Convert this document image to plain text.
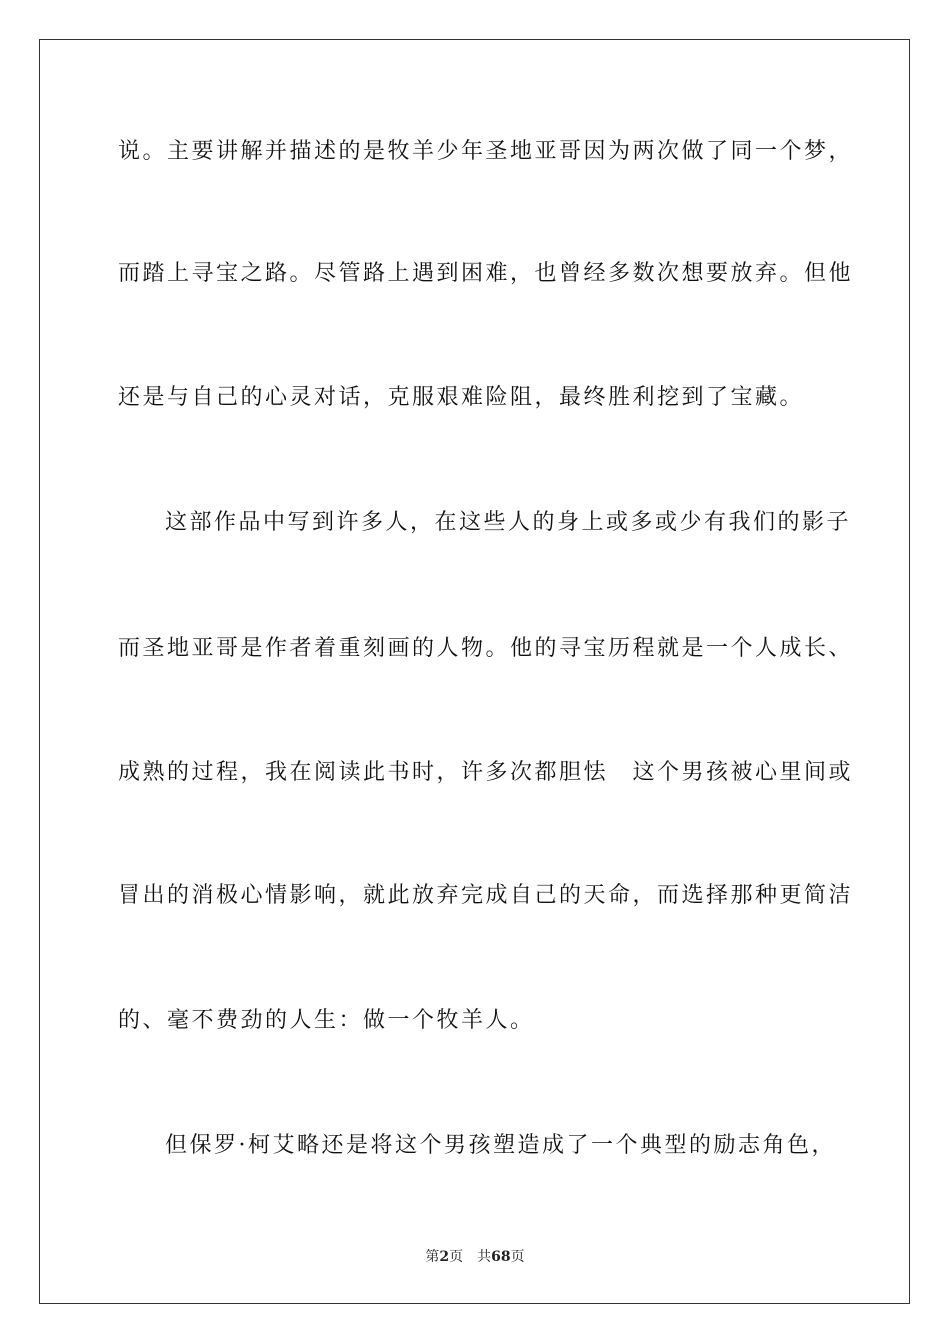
说。主要讲解并描述的是牧羊少年圣地亚哥因为两次做了同一个梦，
而踏上寻宝之路。尽管路上遇到困难，也曾经多数次想要放弃。但他
还是与自己的心灵对话，克服艰难险阻，最终胜利挖到了宝藏。
这部作品中写到许多人，在这些人的身上或多或少有我们的影子
而圣地亚哥是作者着重刻画的人物。他的寻宝历程就是一个人成长、
成熟的过程，我在阅读此书时，许多次都胆怯　这个男孩被心里间或
冒出的消极心情影响，就此放弃完成自己的天命，而选择那种更简洁
的、毫不费劲的人生：做一个牧羊人。
但保罗·柯艾略还是将这个男孩塑造成了一个典型的励志角色，
第2页 共68页
